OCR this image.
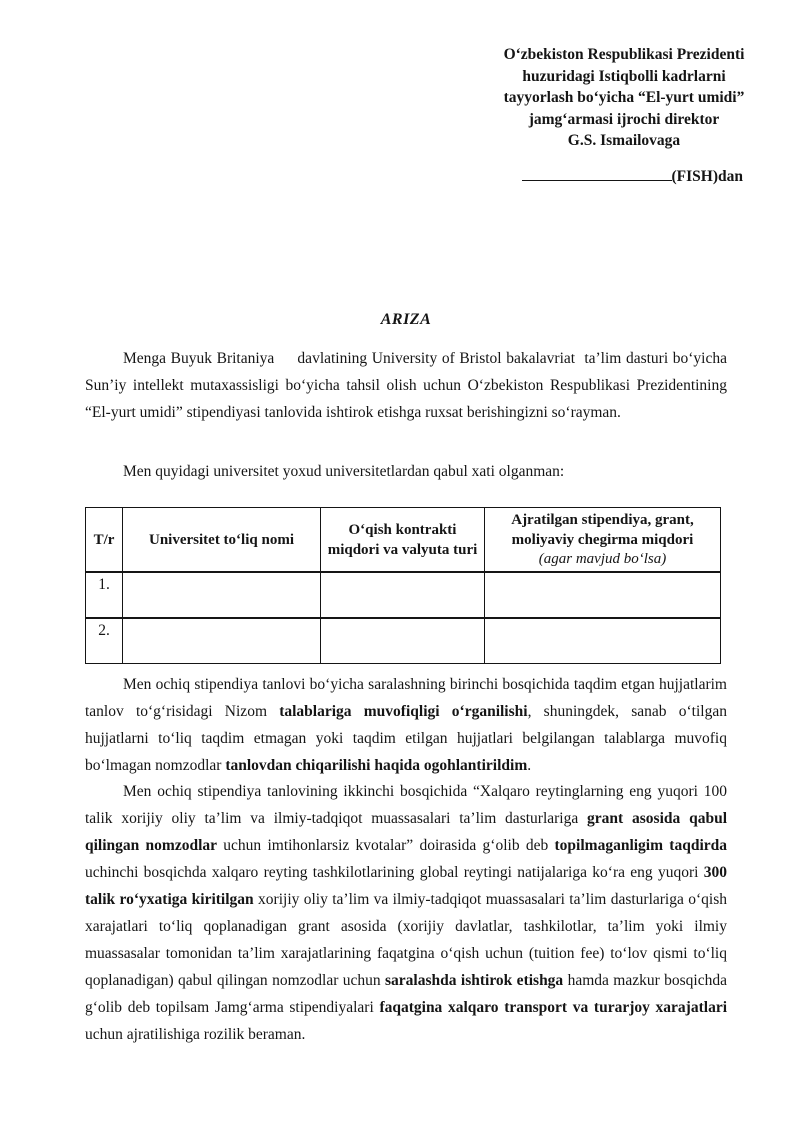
O‘zbekiston Respublikasi Prezidenti
huzuridagi Istiqbolli kadrlarni
tayyorlash bo‘yicha “El-yurt umidi”
jamg‘armasi ijrochi direktor
G.S. Ismailovaga
(FISH)dan
ARIZA

Menga Buyuk Britaniya     davlatining University of Bristol bakalavriat  ta’lim dasturi bo‘yicha Sun’iy intellekt mutaxassisligi bo‘yicha tahsil olish uchun O‘zbekiston Respublikasi Prezidentining “El-yurt umidi” stipendiyasi tanlovida ishtirok etishga ruxsat berishingizni so‘rayman.

Men quyidagi universitet yoxud universitetlardan qabul xati olganman:

T/r	Universitet to‘liq nomi	O‘qish kontrakti miqdori va valyuta turi	Ajratilgan stipendiya, grant, moliyaviy chegirma miqdori
(agar mavjud bo‘lsa)

1.			
2.			

Men ochiq stipendiya tanlovi bo‘yicha saralashning birinchi bosqichida taqdim etgan hujjatlarim tanlov to‘g‘risidagi Nizom talablariga muvofiqligi o‘rganilishi, shuningdek, sanab o‘tilgan hujjatlarni to‘liq taqdim etmagan yoki taqdim etilgan hujjatlari belgilangan talablarga muvofiq bo‘lmagan nomzodlar tanlovdan chiqarilishi haqida ogohlantirildim.

Men ochiq stipendiya tanlovining ikkinchi bosqichida “Xalqaro reytinglarning eng yuqori 100 talik xorijiy oliy ta’lim va ilmiy-tadqiqot muassasalari ta’lim dasturlariga grant asosida qabul qilingan nomzodlar uchun imtihonlarsiz kvotalar” doirasida g‘olib deb topilmaganligim taqdirda uchinchi bosqichda xalqaro reyting tashkilotlarining global reytingi natijalariga ko‘ra eng yuqori 300 talik ro‘yxatiga kiritilgan xorijiy oliy ta’lim va ilmiy-tadqiqot muassasalari ta’lim dasturlariga o‘qish xarajatlari to‘liq qoplanadigan grant asosida (xorijiy davlatlar, tashkilotlar, ta’lim yoki ilmiy muassasalar tomonidan ta’lim xarajatlarining faqatgina o‘qish uchun (tuition fee) to‘lov qismi to‘liq qoplanadigan) qabul qilingan nomzodlar uchun saralashda ishtirok etishga hamda mazkur bosqichda g‘olib deb topilsam Jamg‘arma stipendiyalari faqatgina xalqaro transport va turarjoy xarajatlari uchun ajratilishiga rozilik beraman.
